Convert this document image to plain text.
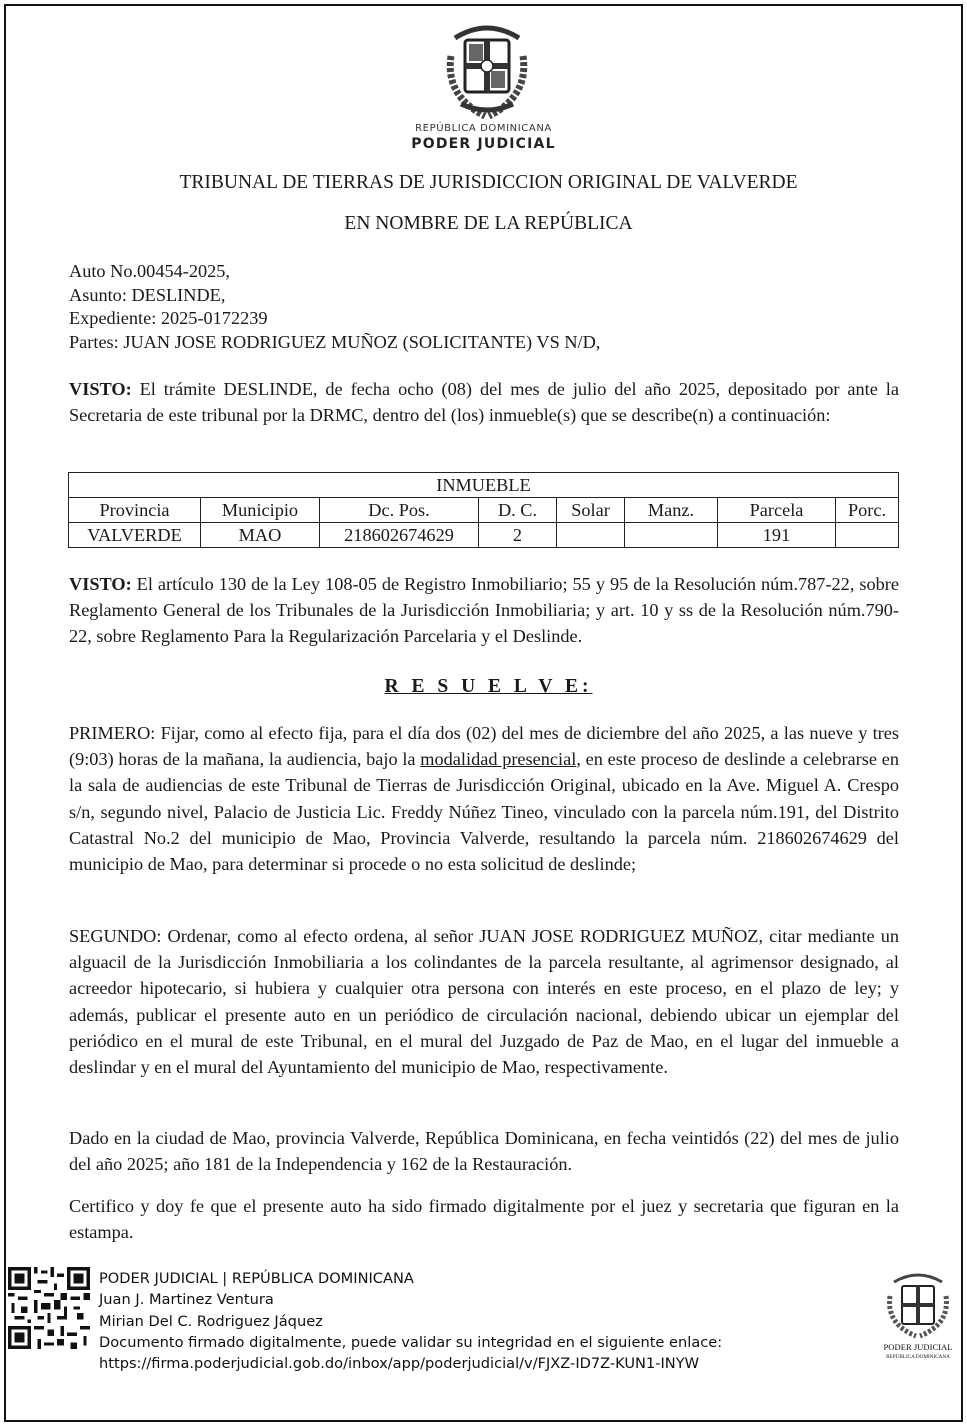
REPÚBLICA DOMINICANA
PODER JUDICIAL
TRIBUNAL DE TIERRAS DE JURISDICCION ORIGINAL DE VALVERDE
EN NOMBRE DE LA REPÚBLICA
Auto No.00454-2025,
Asunto: DESLINDE,
Expediente: 2025-0172239
Partes: JUAN JOSE RODRIGUEZ MUÑOZ (SOLICITANTE) VS N/D,
VISTO: El trámite DESLINDE, de fecha ocho (08) del mes de julio del año 2025, depositado por ante la Secretaria de este tribunal por la DRMC, dentro del (los) inmueble(s) que se describe(n) a continuación:
INMUEBLE							
Provincia	Municipio	Dc. Pos.	D. C.	Solar	Manz.	Parcela	Porc.
VALVERDE	MAO	218602674629	2			191	
VISTO: El artículo 130 de la Ley 108-05 de Registro Inmobiliario; 55 y 95 de la Resolución núm.787-22, sobre Reglamento General de los Tribunales de la Jurisdicción Inmobiliaria; y art. 10 y ss de la Resolución núm.790-22, sobre Reglamento Para la Regularización Parcelaria y el Deslinde.
R E S U E L V E:
PRIMERO: Fijar, como al efecto fija, para el día dos (02) del mes de diciembre del año 2025, a las nueve y tres (9:03) horas de la mañana, la audiencia, bajo la modalidad presencial, en este proceso de deslinde a celebrarse en la sala de audiencias de este Tribunal de Tierras de Jurisdicción Original, ubicado en la Ave. Miguel A. Crespo s/n, segundo nivel, Palacio de Justicia Lic. Freddy Núñez Tineo, vinculado con la parcela núm.191, del Distrito Catastral No.2 del municipio de Mao, Provincia Valverde, resultando la parcela núm. 218602674629 del municipio de Mao, para determinar si procede o no esta solicitud de deslinde;
SEGUNDO: Ordenar, como al efecto ordena, al señor JUAN JOSE RODRIGUEZ MUÑOZ, citar mediante un alguacil de la Jurisdicción Inmobiliaria a los colindantes de la parcela resultante, al agrimensor designado, al acreedor hipotecario, si hubiera y cualquier otra persona con interés en este proceso, en el plazo de ley; y además, publicar el presente auto en un periódico de circulación nacional, debiendo ubicar un ejemplar del periódico en el mural de este Tribunal, en el mural del Juzgado de Paz de Mao, en el lugar del inmueble a deslindar y en el mural del Ayuntamiento del municipio de Mao, respectivamente.
Dado en la ciudad de Mao, provincia Valverde, República Dominicana, en fecha veintidós (22) del mes de julio del año 2025; año 181 de la Independencia y 162 de la Restauración.
Certifico y doy fe que el presente auto ha sido firmado digitalmente por el juez y secretaria que figuran en la estampa.
PODER JUDICIAL | REPÚBLICA DOMINICANA
Juan J. Martinez Ventura
Mirian Del C. Rodriguez Jáquez
Documento firmado digitalmente, puede validar su integridad en el siguiente enlace:
https://firma.poderjudicial.gob.do/inbox/app/poderjudicial/v/FJXZ-ID7Z-KUN1-INYW
PODER JUDICIAL
REPÚBLICA DOMINICANA
